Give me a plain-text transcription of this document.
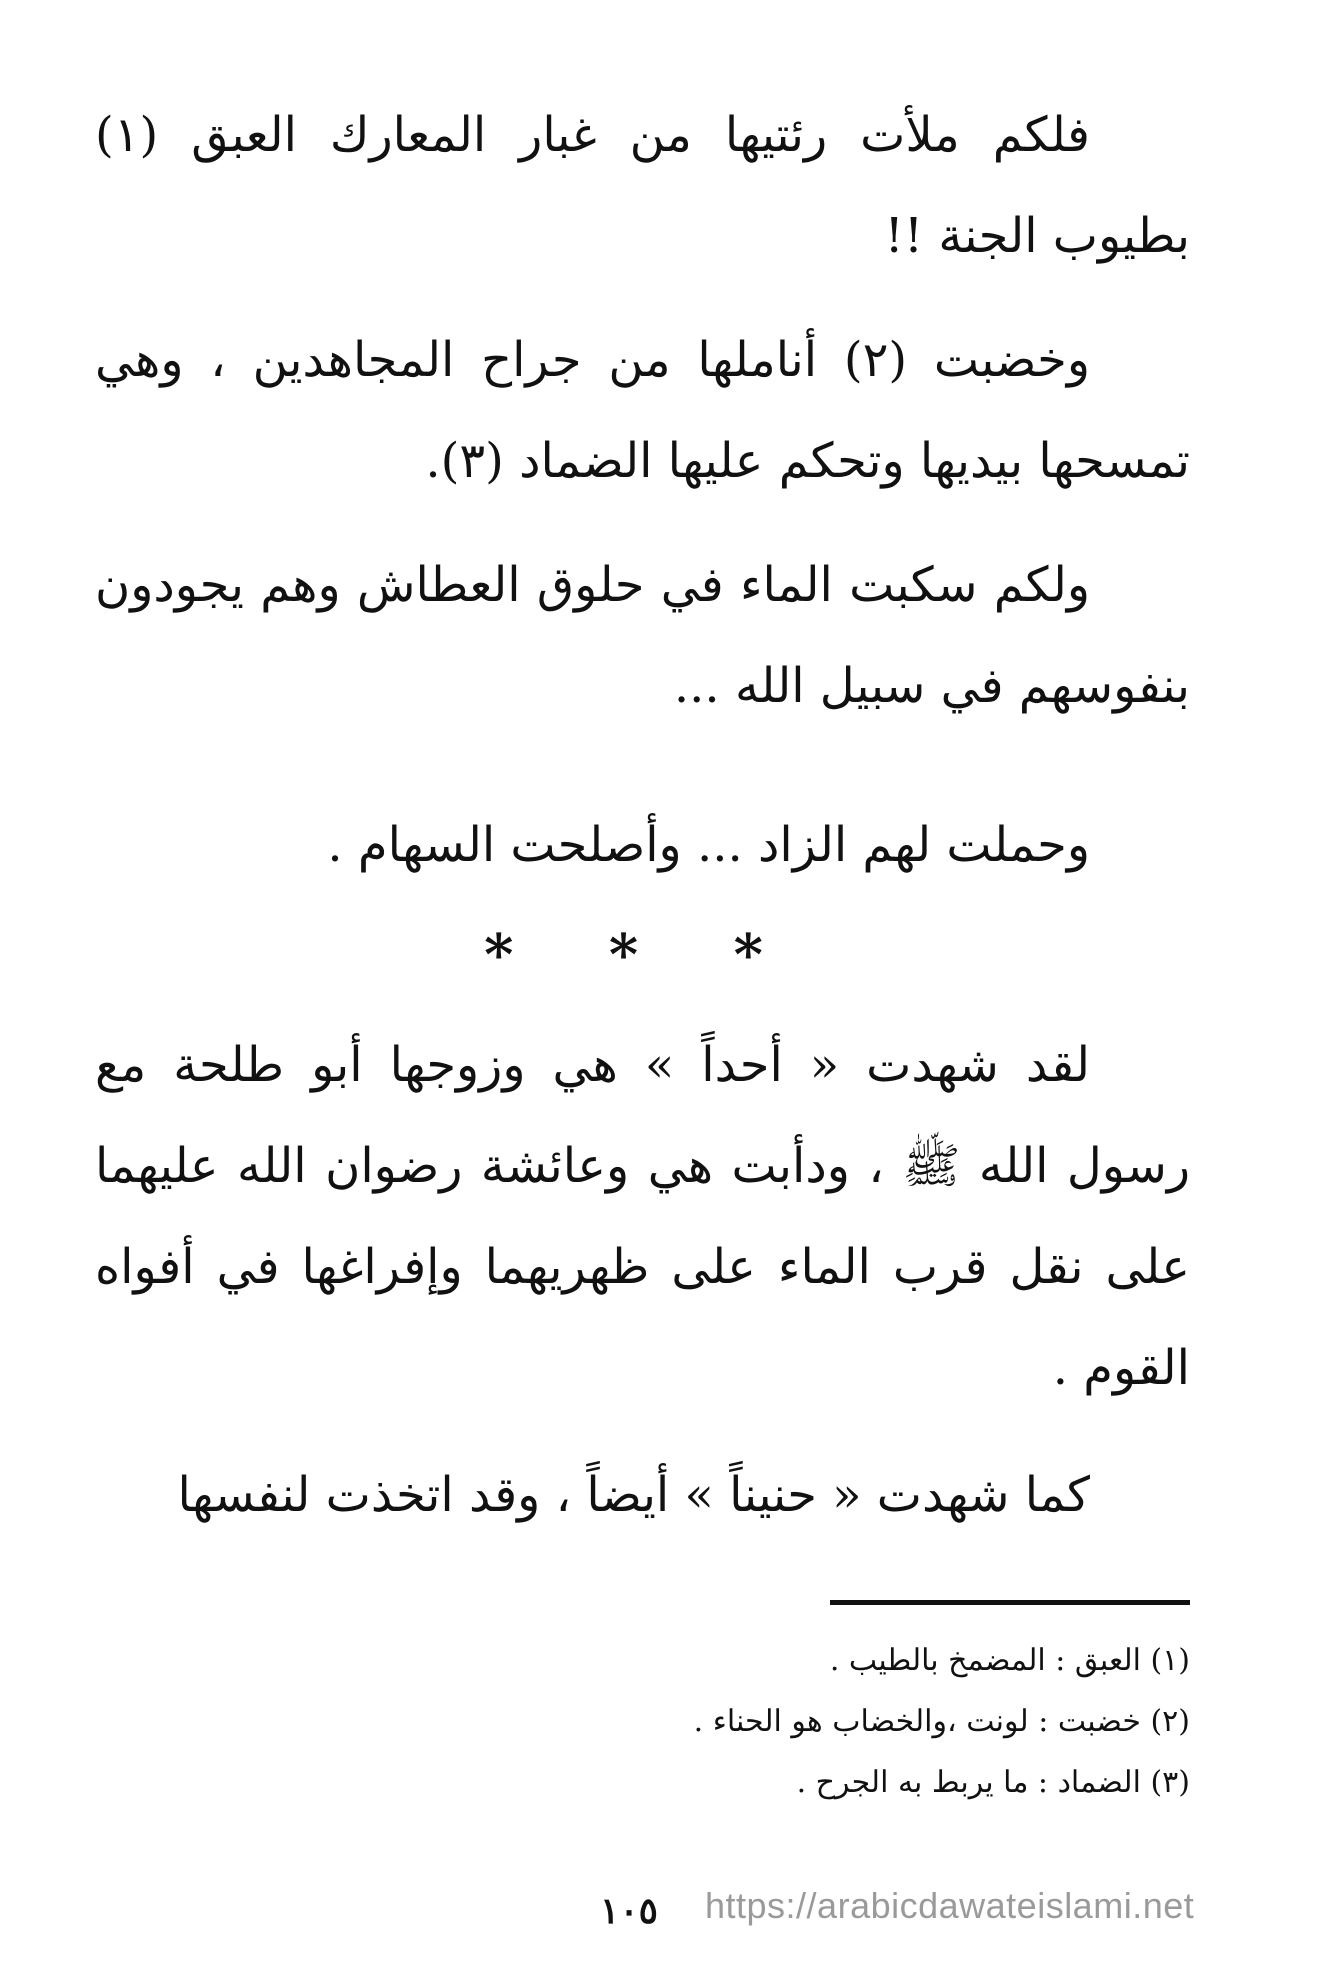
فلكم ملأت رئتيها من غبار المعارك العبق (١) بطيوب الجنة !!

وخضبت (٢) أناملها من جراح المجاهدين ، وهي تمسحها بيديها وتحكم عليها الضماد (٣).

ولكم سكبت الماء في حلوق العطاش وهم يجودون بنفوسهم في سبيل الله ...

وحملت لهم الزاد ... وأصلحت السهام .

* * *

لقد شهدت « أحداً » هي وزوجها أبو طلحة مع رسول الله ﷺ ، ودأبت هي وعائشة رضوان الله عليهما على نقل قرب الماء على ظهريهما وإفراغها في أفواه القوم .

كما شهدت « حنيناً » أيضاً ، وقد اتخذت لنفسها

(١) العبق : المضمخ بالطيب .

(٢) خضبت : لونت ،والخضاب هو الحناء .

(٣) الضماد : ما يربط به الجرح .

١٠٥ https://arabicdawateislami.net
